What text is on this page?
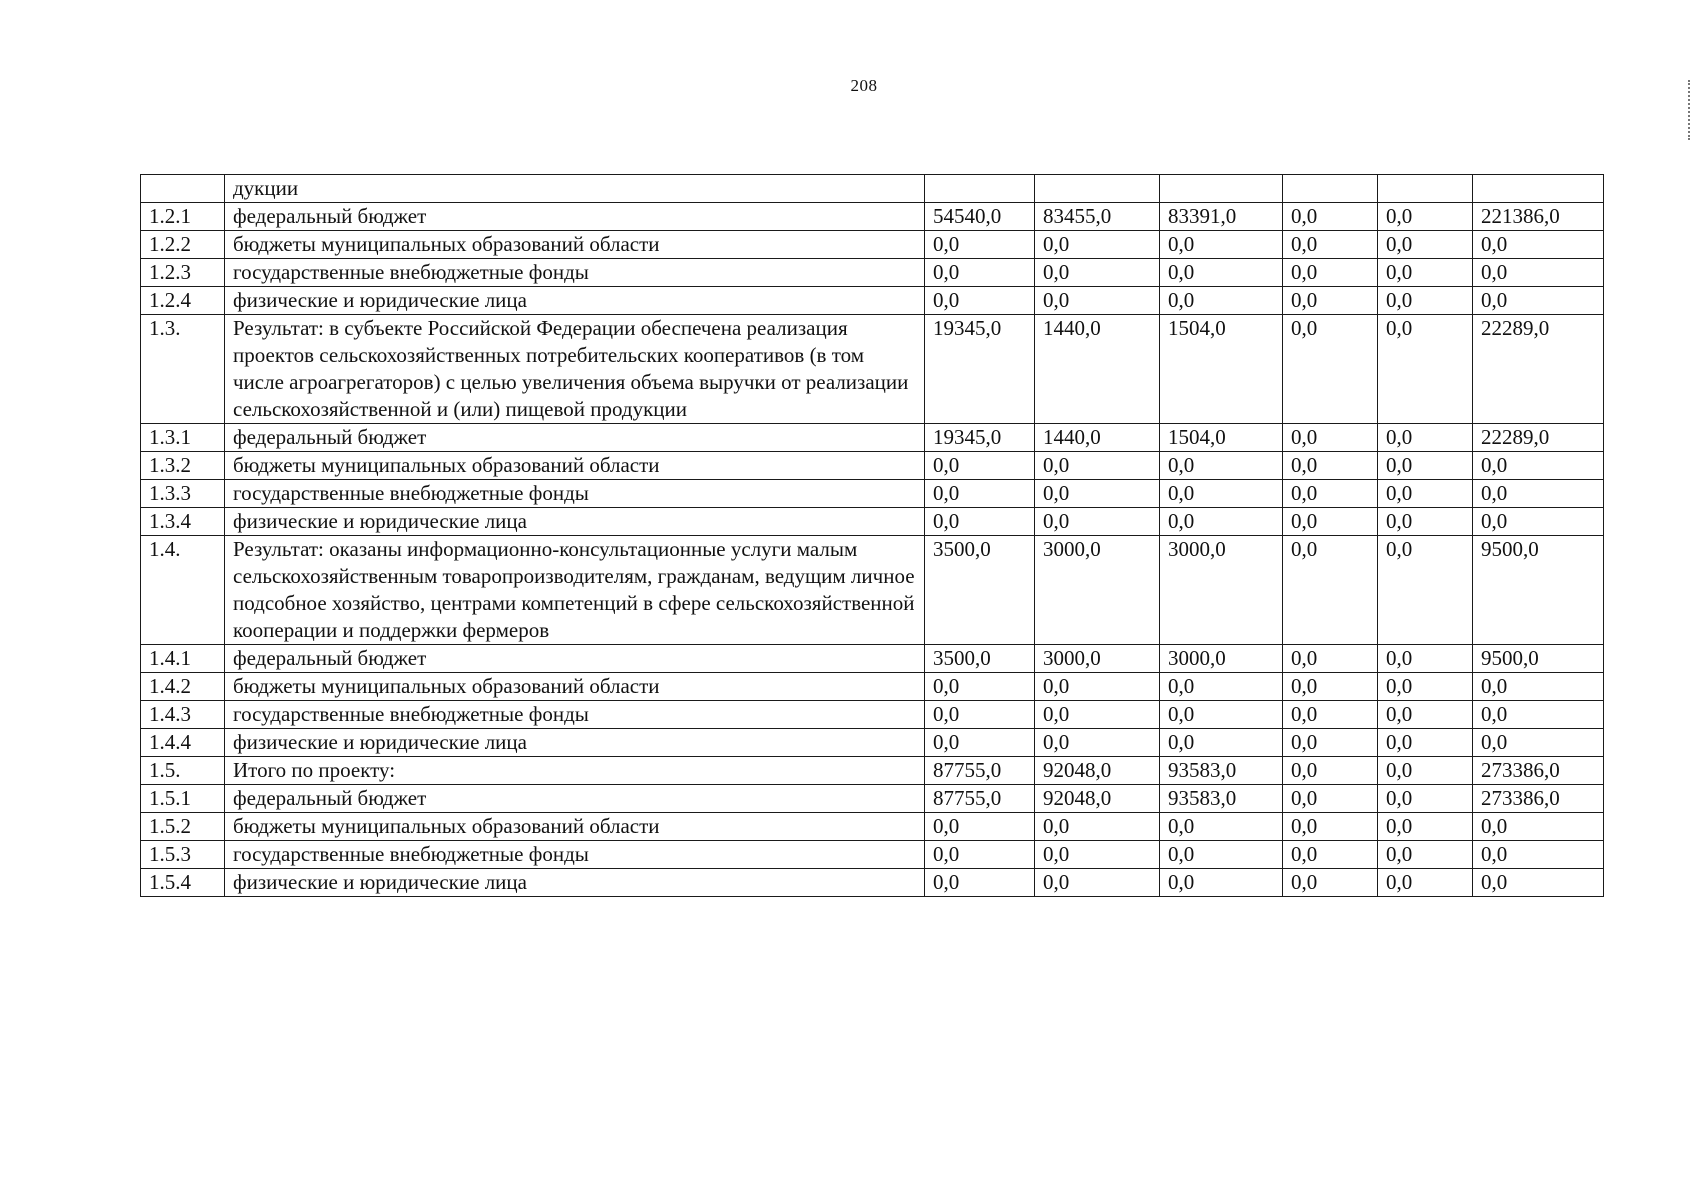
208
	дукции						
1.2.1	федеральный бюджет	54540,0	83455,0	83391,0	0,0	0,0	221386,0
1.2.2	бюджеты муниципальных образований области	0,0	0,0	0,0	0,0	0,0	0,0
1.2.3	государственные внебюджетные фонды	0,0	0,0	0,0	0,0	0,0	0,0
1.2.4	физические и юридические лица	0,0	0,0	0,0	0,0	0,0	0,0
1.3.	Результат: в субъекте Российской Федерации обеспечена реализация проектов сельскохозяйственных потребительских кооперативов (в том числе агроагрегаторов) с целью увеличения объема выручки от реализации сельскохозяйственной и (или) пищевой продукции	19345,0	1440,0	1504,0	0,0	0,0	22289,0
1.3.1	федеральный бюджет	19345,0	1440,0	1504,0	0,0	0,0	22289,0
1.3.2	бюджеты муниципальных образований области	0,0	0,0	0,0	0,0	0,0	0,0
1.3.3	государственные внебюджетные фонды	0,0	0,0	0,0	0,0	0,0	0,0
1.3.4	физические и юридические лица	0,0	0,0	0,0	0,0	0,0	0,0
1.4.	Результат: оказаны информационно-консультационные услуги малым сельскохозяйственным товаропроизводителям, гражданам, ведущим личное подсобное хозяйство, центрами компетенций в сфере сельскохозяйственной кооперации и поддержки фермеров	3500,0	3000,0	3000,0	0,0	0,0	9500,0
1.4.1	федеральный бюджет	3500,0	3000,0	3000,0	0,0	0,0	9500,0
1.4.2	бюджеты муниципальных образований области	0,0	0,0	0,0	0,0	0,0	0,0
1.4.3	государственные внебюджетные фонды	0,0	0,0	0,0	0,0	0,0	0,0
1.4.4	физические и юридические лица	0,0	0,0	0,0	0,0	0,0	0,0
1.5.	Итого по проекту:	87755,0	92048,0	93583,0	0,0	0,0	273386,0
1.5.1	федеральный бюджет	87755,0	92048,0	93583,0	0,0	0,0	273386,0
1.5.2	бюджеты муниципальных образований области	0,0	0,0	0,0	0,0	0,0	0,0
1.5.3	государственные внебюджетные фонды	0,0	0,0	0,0	0,0	0,0	0,0
1.5.4	физические и юридические лица	0,0	0,0	0,0	0,0	0,0	0,0
